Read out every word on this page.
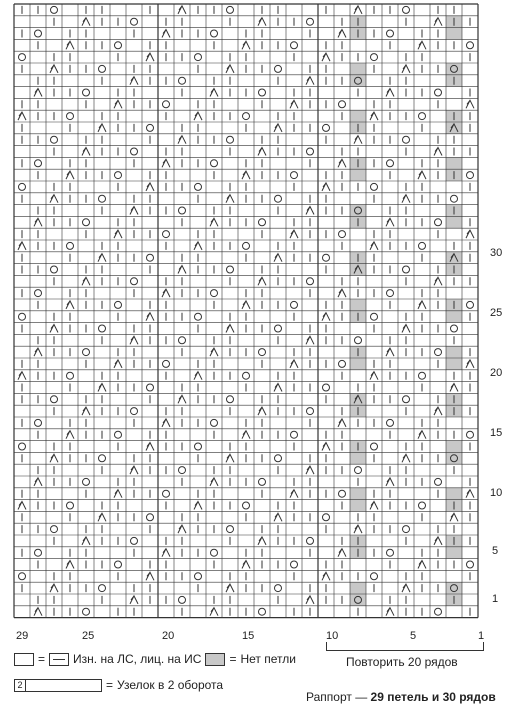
29	25	20	15	10	5	1
1
5
10
15
20
25
30
Повторить 20 рядов
= Изн. на ЛС, лиц. на ИС = Нет петли
2	= Узелок в 2 оборота
Раппорт — 29 петель и 30 рядов
